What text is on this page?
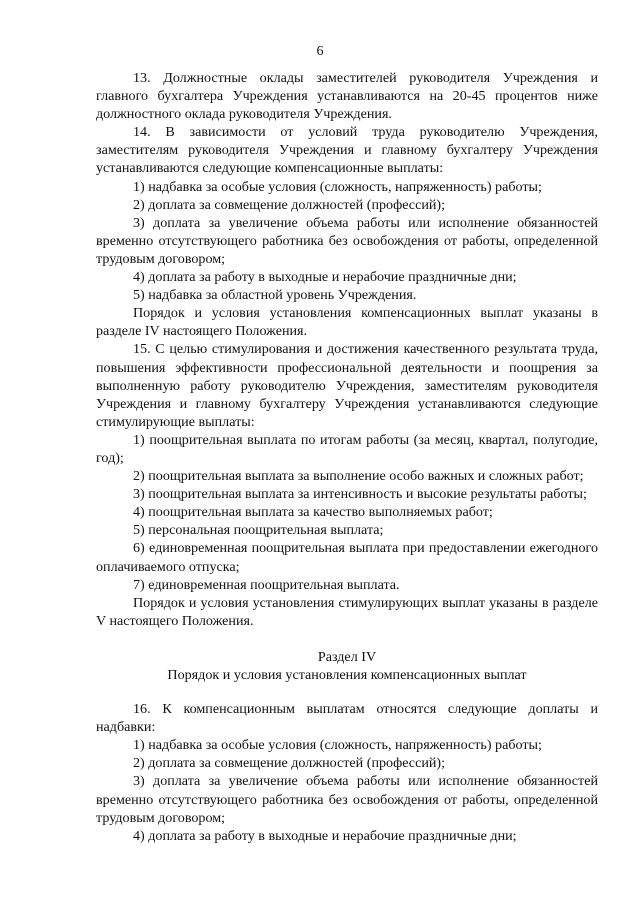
6

13. Должностные оклады заместителей руководителя Учреждения и главного бухгалтера Учреждения устанавливаются на 20-45 процентов ниже должностного оклада руководителя Учреждения.

14. В зависимости от условий труда руководителю Учреждения, заместителям руководителя Учреждения и главному бухгалтеру Учреждения устанавливаются следующие компенсационные выплаты:

1) надбавка за особые условия (сложность, напряженность) работы;

2) доплата за совмещение должностей (профессий);

3) доплата за увеличение объема работы или исполнение обязанностей временно отсутствующего работника без освобождения от работы, определенной трудовым договором;

4) доплата за работу в выходные и нерабочие праздничные дни;

5) надбавка за областной уровень Учреждения.

Порядок и условия установления компенсационных выплат указаны в разделе IV настоящего Положения.

15. С целью стимулирования и достижения качественного результата труда, повышения эффективности профессиональной деятельности и поощрения за выполненную работу руководителю Учреждения, заместителям руководителя Учреждения и главному бухгалтеру Учреждения устанавливаются следующие стимулирующие выплаты:

1) поощрительная выплата по итогам работы (за месяц, квартал, полугодие, год);

2) поощрительная выплата за выполнение особо важных и сложных работ;

3) поощрительная выплата за интенсивность и высокие результаты работы;

4) поощрительная выплата за качество выполняемых работ;

5) персональная поощрительная выплата;

6) единовременная поощрительная выплата при предоставлении ежегодного оплачиваемого отпуска;

7) единовременная поощрительная выплата.

Порядок и условия установления стимулирующих выплат указаны в разделе V настоящего Положения.

Раздел IV

Порядок и условия установления компенсационных выплат

16. К компенсационным выплатам относятся следующие доплаты и надбавки:

1) надбавка за особые условия (сложность, напряженность) работы;

2) доплата за совмещение должностей (профессий);

3) доплата за увеличение объема работы или исполнение обязанностей временно отсутствующего работника без освобождения от работы, определенной трудовым договором;

4) доплата за работу в выходные и нерабочие праздничные дни;
